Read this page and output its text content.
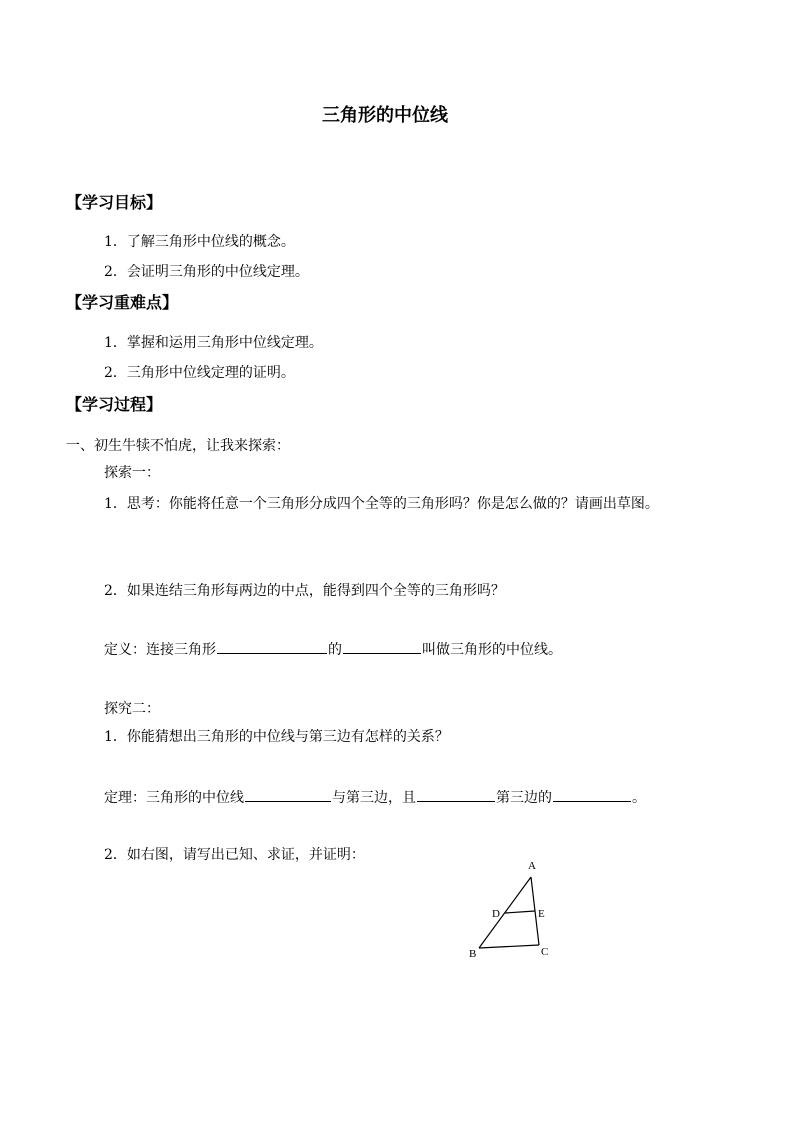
三角形的中位线
【学习目标】
1．了解三角形中位线的概念。
2．会证明三角形的中位线定理。
【学习重难点】
1．掌握和运用三角形中位线定理。
2．三角形中位线定理的证明。
【学习过程】
一、初生牛犊不怕虎，让我来探索：
探索一：
1．思考：你能将任意一个三角形分成四个全等的三角形吗？你是怎么做的？请画出草图。
2．如果连结三角形每两边的中点，能得到四个全等的三角形吗？
定义：连接三角形	的	叫做三角形的中位线。
探究二：
1．你能猜想出三角形的中位线与第三边有怎样的关系？
定理：三角形的中位线	与第三边，且	第三边的	。
2．如右图，请写出已知、求证，并证明：
A
D	E
B	C
